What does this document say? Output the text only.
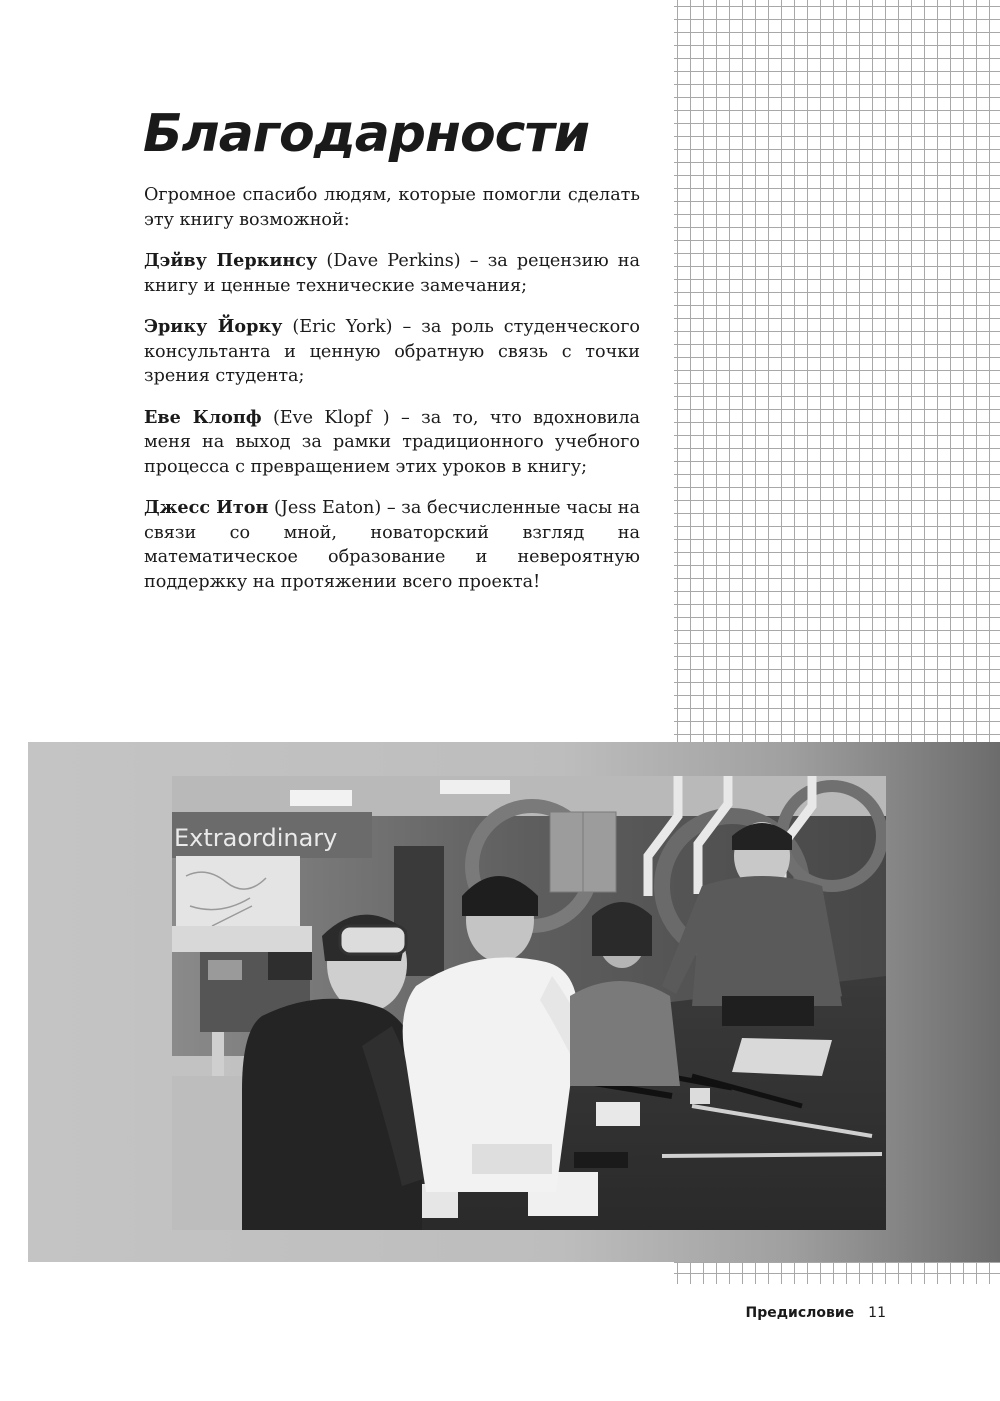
Благодарности

Огромное спасибо людям, которые помогли сделать эту книгу возможной:

Дэйву Перкинсу (Dave Perkins) – за рецензию на книгу и ценные технические замечания;

Эрику Йорку (Eric York) – за роль студенческого консультанта и ценную обратную связь с точки зрения студента;

Еве Клопф (Eve Klopf ) – за то, что вдохновила меня на выход за рамки традиционного учебного процесса с превращением этих уроков в книгу;

Джесс Итон (Jess Eaton) – за бесчисленные часы на связи со мной, новаторский взгляд на математическое образование и невероятную поддержку на протяжении всего проекта!

Extraordinary
Предисловие 11
